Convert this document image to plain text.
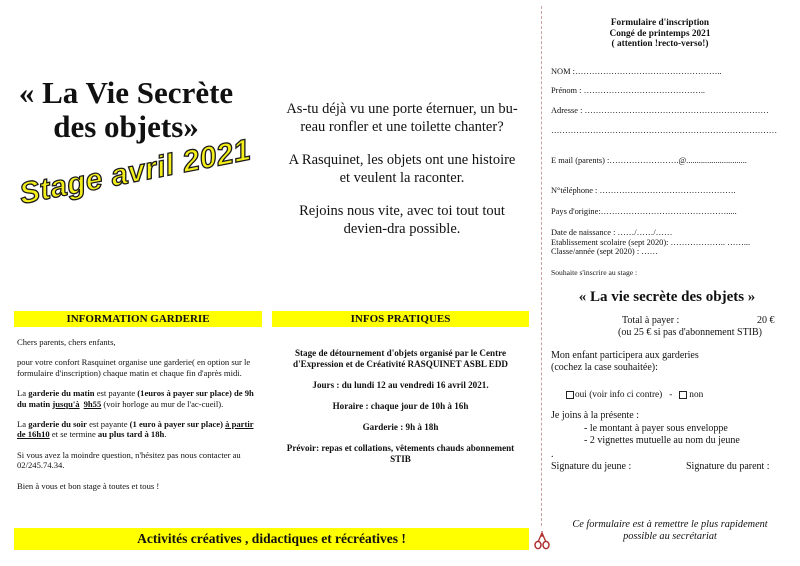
« La Vie Secrète
des objets»
Stage avril 2021

As-tu déjà vu une porte éternuer, un bu-reau ronfler et une toilette chanter?

A Rasquinet, les objets ont une histoire et veulent la raconter.

Rejoins nous vite, avec toi tout tout devien-dra possible.

INFORMATION GARDERIE	INFOS PRATIQUES

Chers parents, chers enfants,

pour votre confort Rasquinet organise une garderie( en option sur le formulaire d'inscription) chaque matin et chaque fin d'après midi.

La garderie du matin est payante (1euros à payer sur place) de 9h du matin jusqu'à 9h55 (voir horloge au mur de l'ac-cueil).

La garderie du soir est payante (1 euro à payer sur place) à partir de 16h10 et se termine au plus tard à 18h.

Si vous avez la moindre question, n'hésitez pas nous contacter au 02/245.74.34.

Bien à vous et bon stage à toutes et tous !

Stage de détournement d'objets organisé par le Centre d'Expression et de Créativité RASQUINET ASBL EDD

Jours : du lundi 12 au vendredi 16 avril 2021.

Horaire : chaque jour de 10h à 16h

Garderie : 9h à 18h

Prévoir: repas et collations, vêtements chauds abonnement STIB

Activités créatives , didactiques et récréatives !
Formulaire d'inscription
Congé de printemps 2021
( attention !recto-verso!)
NOM :……………………………………………..
Prénom : ……………………………………..
Adresse : …………………………………………………………
………………………………………………………………………
E mail (parents) :…………………….@.............................
N°téléphone : ………………………………………….
Pays d'origine:……………………………………….....
Date de naissance : ……/……/……
Etablissement scolaire (sept 2020): ……………….. ……...
Classe/année (sept 2020) : ……
Souhaite s'inscrire au stage :
« La vie secrète des objets »
Total à payer :	20 €
(ou 25 € si pas d'abonnement STIB)
Mon enfant participera aux garderies
(cochez la case souhaitée):
oui (voir info ci contre)   -   non
Je joins à la présente :
- le montant à payer sous enveloppe
- 2 vignettes mutuelle au nom du jeune
.
Signature du jeune :	Signature du parent :
Ce formulaire est à remettre le plus rapidement possible au secrétariat
